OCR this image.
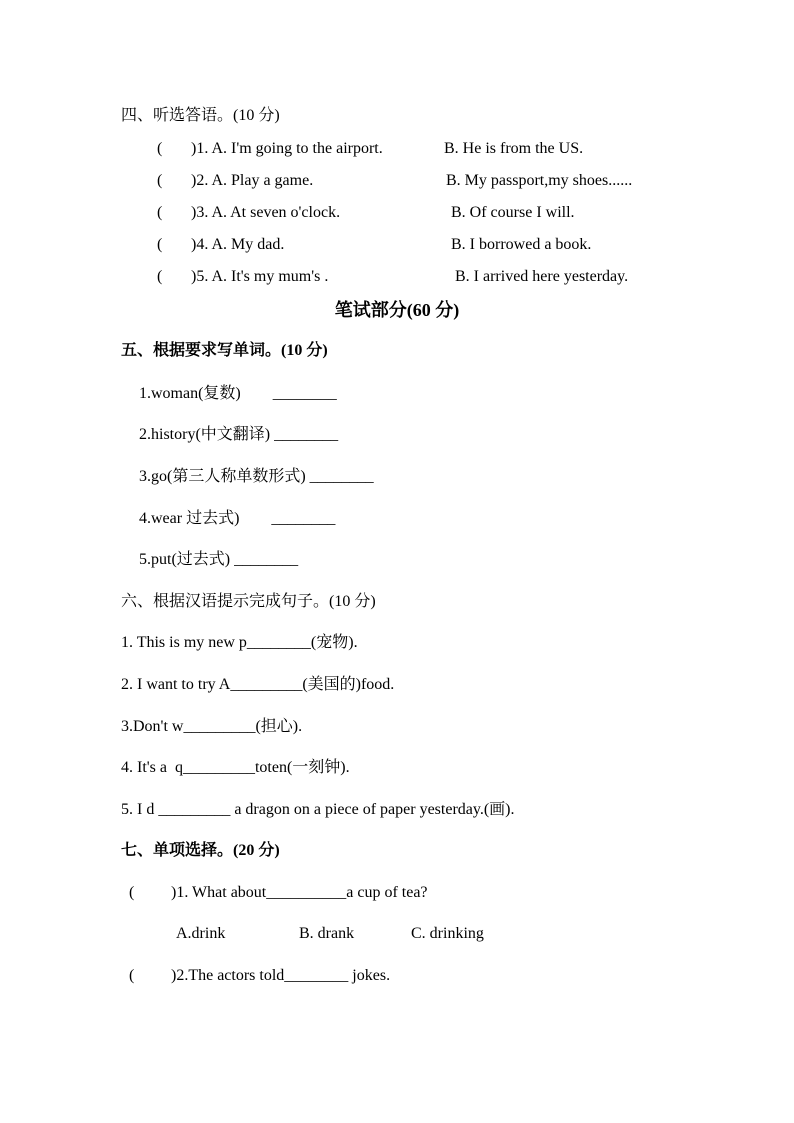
四、听选答语。(10 分)
( )1. A. I'm going to the airport.	B. He is from the US.
( )2. A. Play a game.	B. My passport,my shoes......
( )3. A. At seven o'clock.	B. Of course I will.
( )4. A. My dad.	B. I borrowed a book.
( )5. A. It's my mum's .	B. I arrived here yesterday.
笔试部分(60 分)
五、根据要求写单词。(10 分)
1.woman(复数)        ________
2.history(中文翻译) ________
3.go(第三人称单数形式) ________
4.wear 过去式)        ________
5.put(过去式) ________
六、根据汉语提示完成句子。(10 分)
1. This is my new p________(宠物).
2. I want to try A_________(美国的)food.
3.Don't w_________(担心).
4. It's a  q_________toten(一刻钟).
5. I d _________ a dragon on a piece of paper yesterday.(画).
七、单项选择。(20 分)
( )1. What about__________a cup of tea?
A.drink	B. drank	C. drinking
( )2.The actors told________ jokes.
